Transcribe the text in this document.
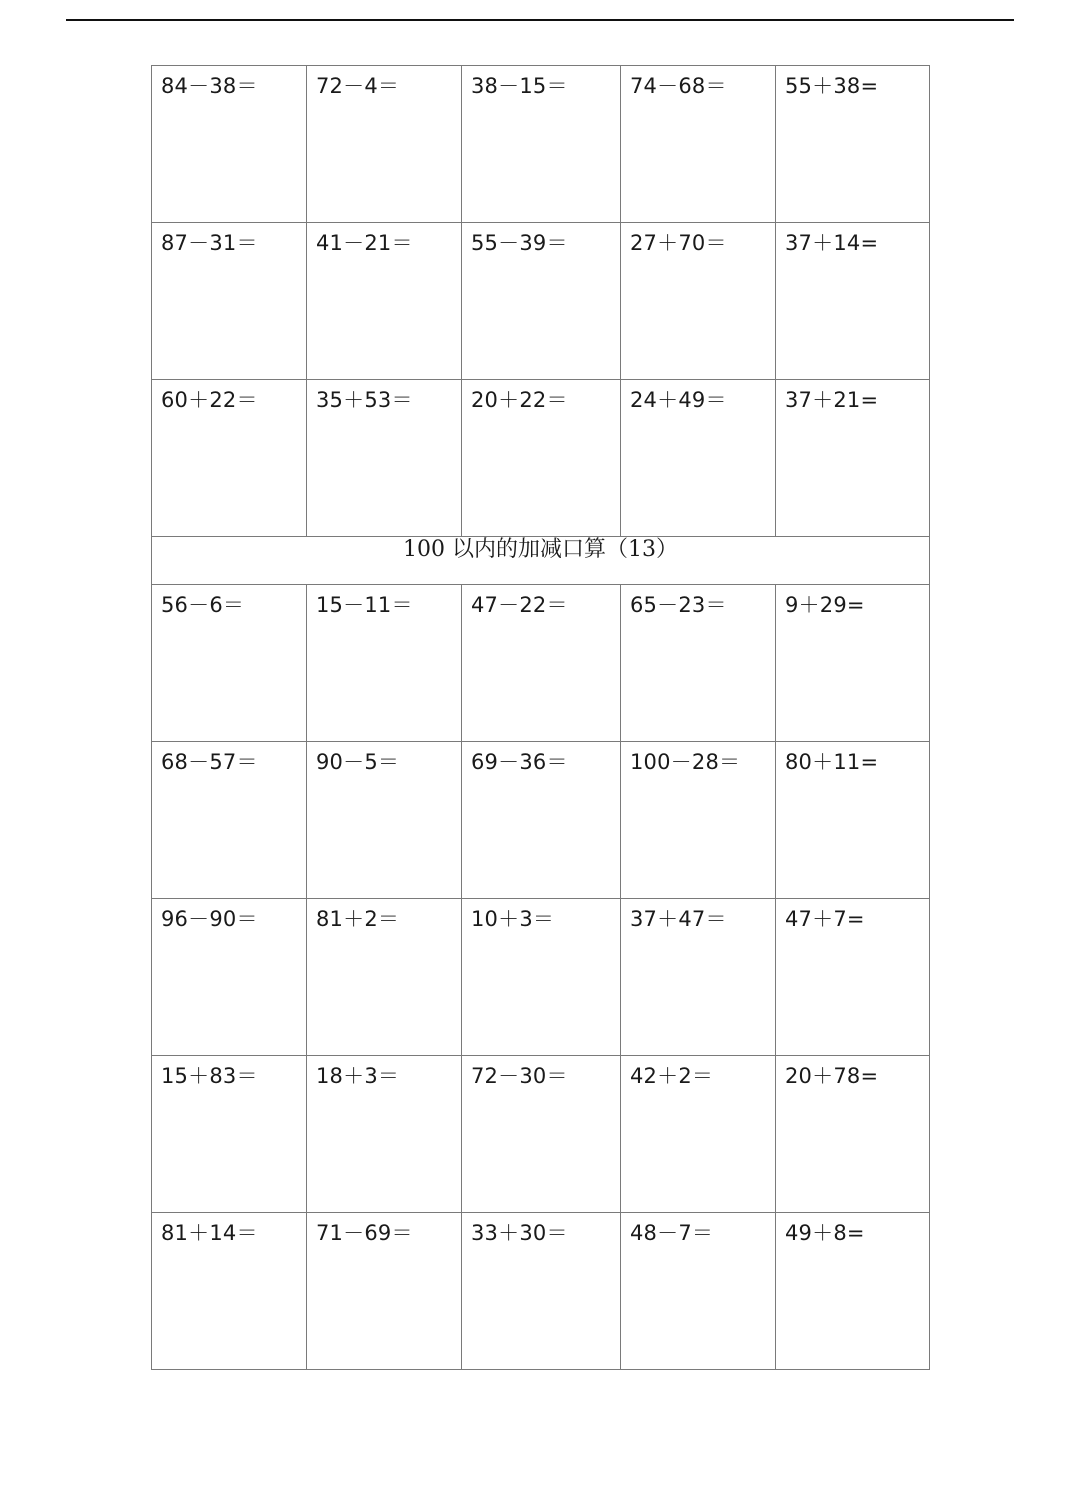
84－38＝	72－4＝	38－15＝	74－68＝	55＋38=

87－31＝	41－21＝	55－39＝	27＋70＝	37＋14=

60＋22＝	35＋53＝	20＋22＝	24＋49＝	37＋21=

100 以内的加减口算（13）				

56－6＝	15－11＝	47－22＝	65－23＝	9＋29=

68－57＝	90－5＝	69－36＝	100－28＝	80＋11=

96－90＝	81＋2＝	10＋3＝	37＋47＝	47＋7=

15＋83＝	18＋3＝	72－30＝	42＋2＝	20＋78=

81＋14＝	71－69＝	33＋30＝	48－7＝	49＋8=
